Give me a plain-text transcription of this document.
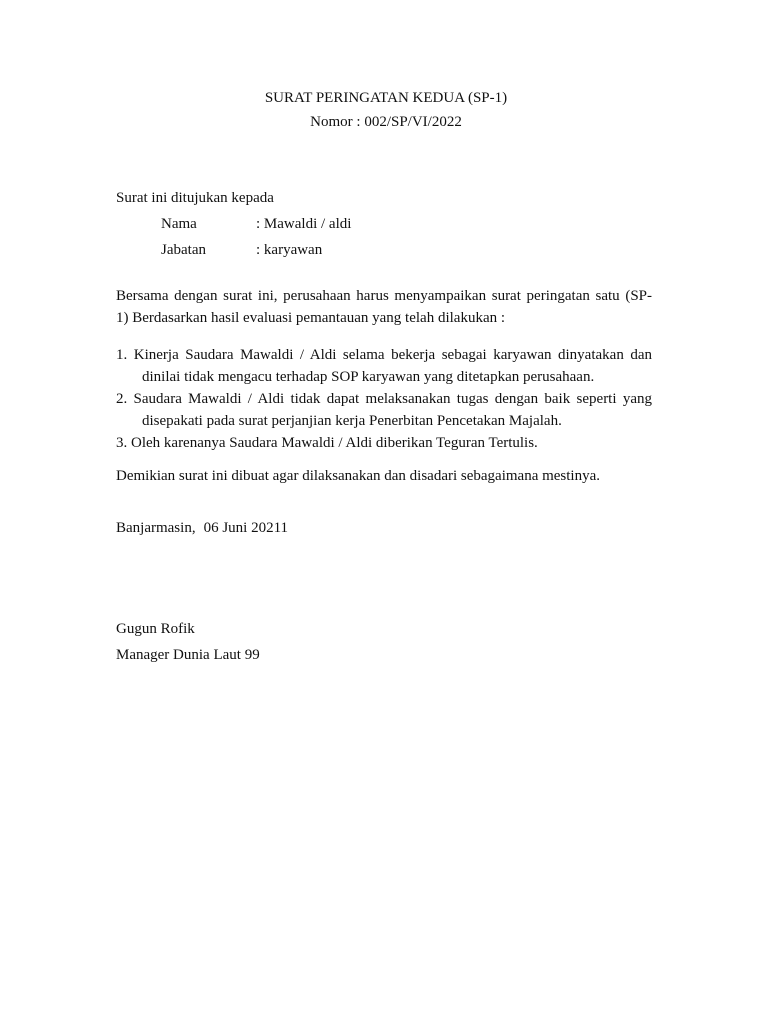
SURAT PERINGATAN KEDUA (SP-1)
Nomor : 002/SP/VI/2022
Surat ini ditujukan kepada
Nama	: Mawaldi / aldi
Jabatan	: karyawan
Bersama dengan surat ini, perusahaan harus menyampaikan surat peringatan satu (SP-
1) Berdasarkan hasil evaluasi pemantauan yang telah dilakukan :
1. Kinerja Saudara Mawaldi / Aldi selama bekerja sebagai karyawan dinyatakan dan
dinilai tidak mengacu terhadap SOP karyawan yang ditetapkan perusahaan.
2. Saudara Mawaldi / Aldi tidak dapat melaksanakan tugas dengan baik seperti yang
disepakati pada surat perjanjian kerja Penerbitan Pencetakan Majalah.
3. Oleh karenanya Saudara Mawaldi / Aldi diberikan Teguran Tertulis.
Demikian surat ini dibuat agar dilaksanakan dan disadari sebagaimana mestinya.
Banjarmasin, 06 Juni 20211
Gugun Rofik
Manager Dunia Laut 99
